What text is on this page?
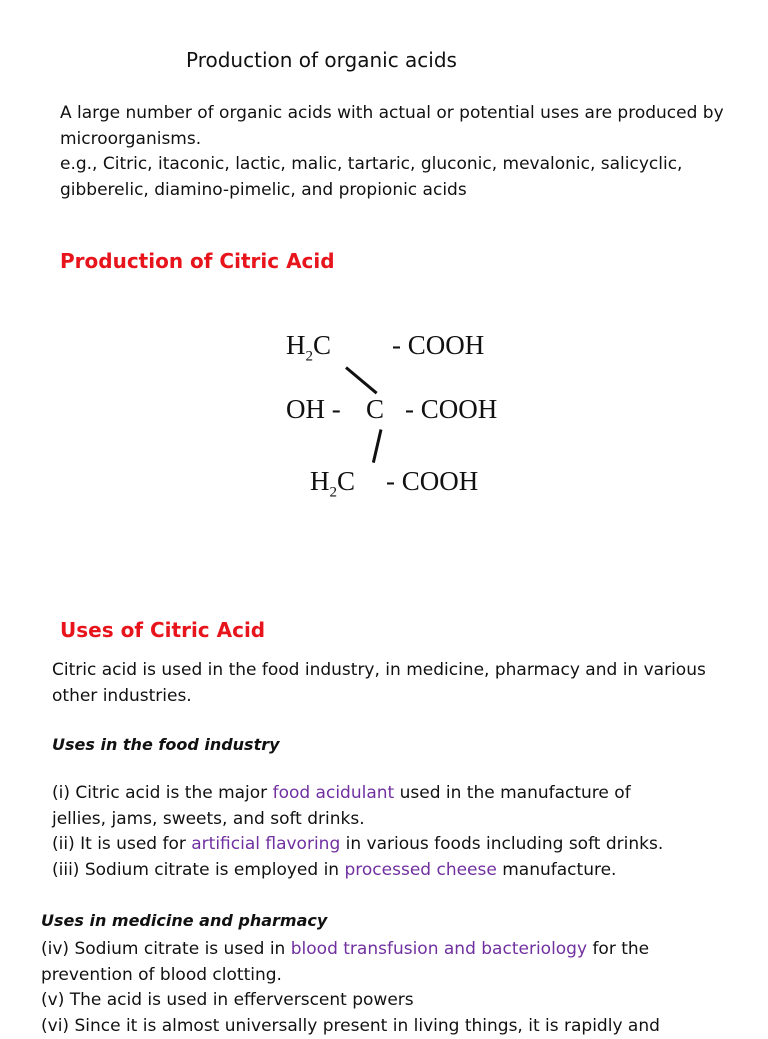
Production of organic acids
A large number of organic acids with actual or potential uses are produced by
microorganisms.
e.g., Citric, itaconic, lactic, malic, tartaric, gluconic, mevalonic, salicyclic,
gibberelic, diamino-pimelic, and propionic acids
Production of Citric Acid
$H_2C$ - COOH
OH - C - COOH
$H_2C$ - COOH
Uses of Citric Acid
Citric acid is used in the food industry, in medicine, pharmacy and in various
other industries.
Uses in the food industry
(i) Citric acid is the major food acidulant used in the manufacture of
jellies, jams, sweets, and soft drinks.
(ii) It is used for artificial flavoring in various foods including soft drinks.
(iii) Sodium citrate is employed in processed cheese manufacture.
Uses in medicine and pharmacy
(iv) Sodium citrate is used in blood transfusion and bacteriology for the
prevention of blood clotting.
(v) The acid is used in efferverscent powers
(vi) Since it is almost universally present in living things, it is rapidly and
